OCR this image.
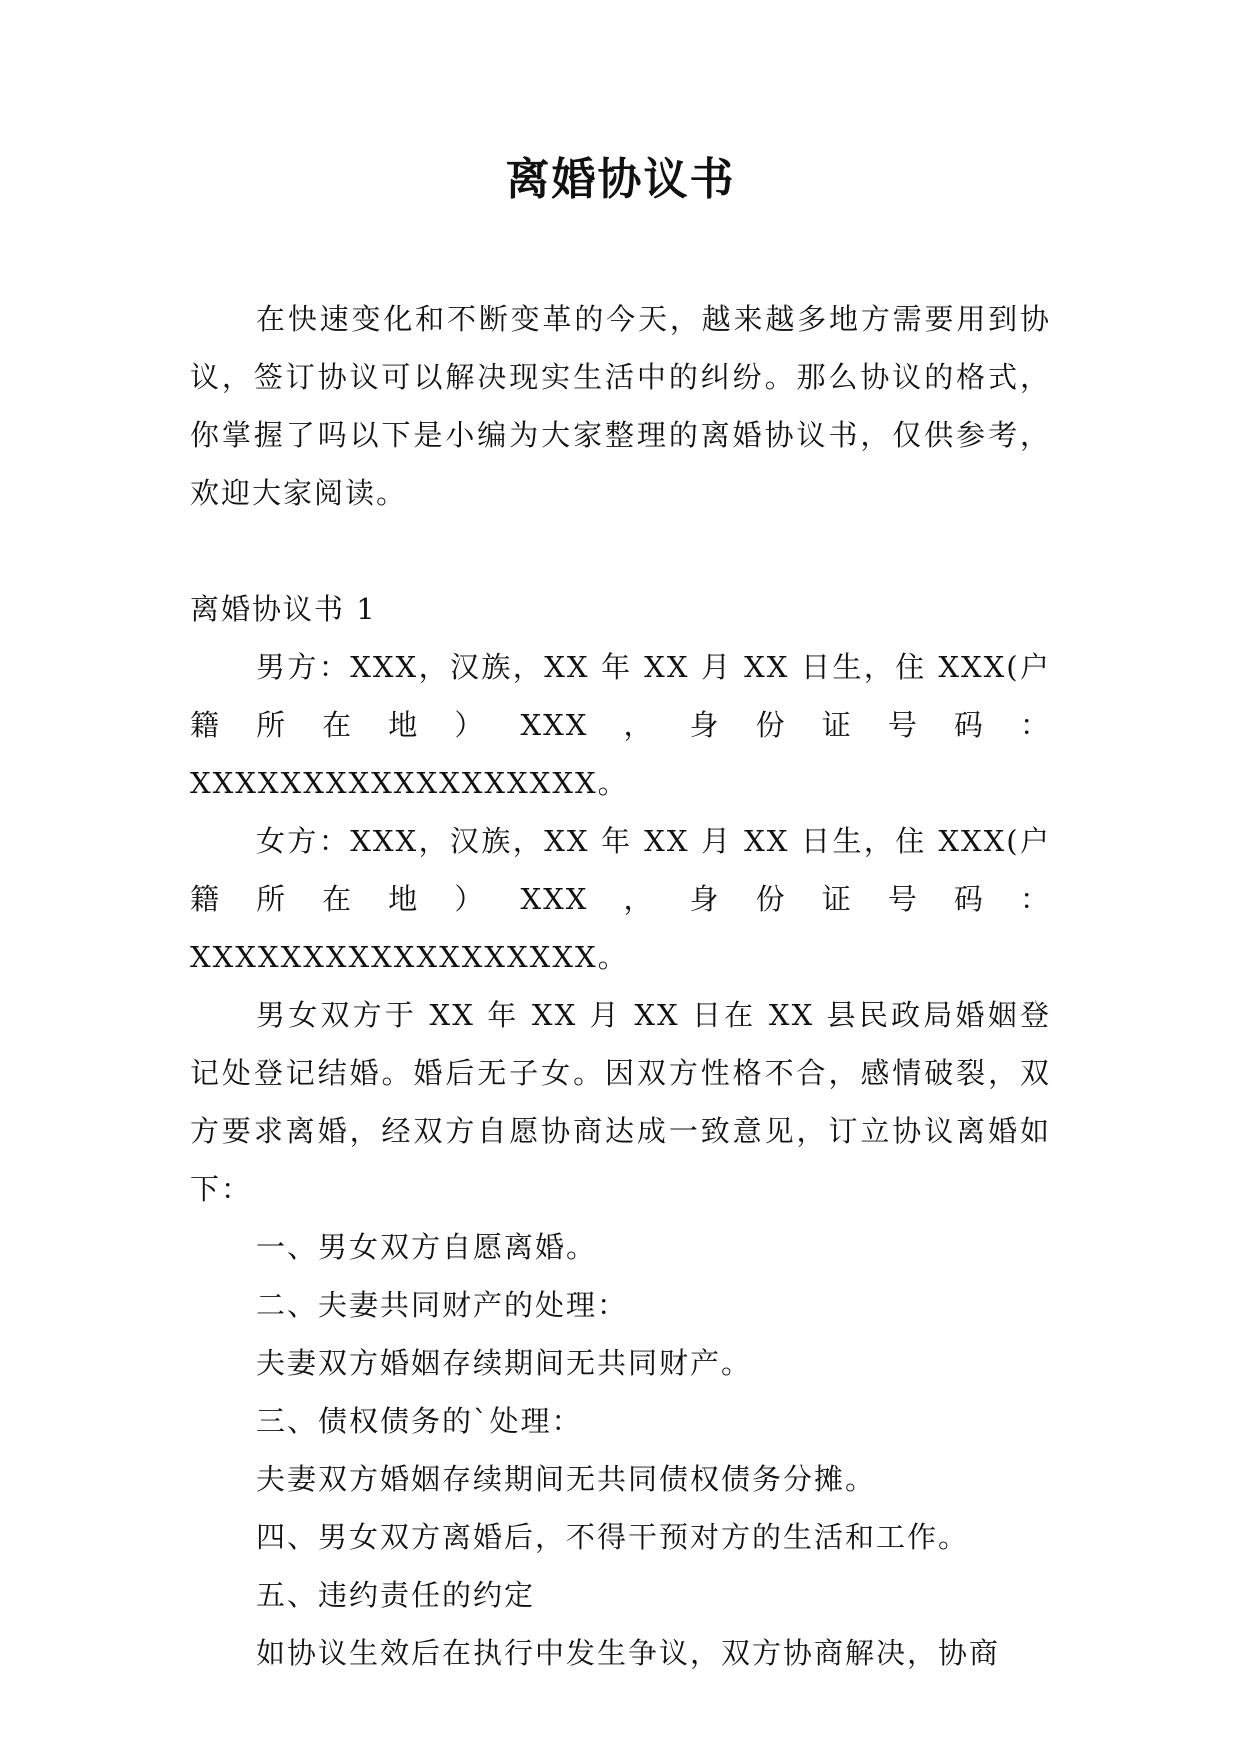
离婚协议书

在快速变化和不断变革的今天，越来越多地方需要用到协议，签订协议可以解决现实生活中的纠纷。那么协议的格式，你掌握了吗以下是小编为大家整理的离婚协议书，仅供参考，欢迎大家阅读。

离婚协议书 1

男方：XXX，汉族，XX 年 XX 月 XX 日生，住 XXX(户籍所在地）XXX，身份证号码：XXXXXXXXXXXXXXXXXX。

女方：XXX，汉族，XX 年 XX 月 XX 日生，住 XXX(户籍所在地）XXX，身份证号码：XXXXXXXXXXXXXXXXXX。

男女双方于 XX 年 XX 月 XX 日在 XX 县民政局婚姻登记处登记结婚。婚后无子女。因双方性格不合，感情破裂，双方要求离婚，经双方自愿协商达成一致意见，订立协议离婚如下：

一、男女双方自愿离婚。

二、夫妻共同财产的处理：

夫妻双方婚姻存续期间无共同财产。

三、债权债务的`处理：

夫妻双方婚姻存续期间无共同债权债务分摊。

四、男女双方离婚后，不得干预对方的生活和工作。

五、违约责任的约定

如协议生效后在执行中发生争议，双方协商解决，协商
